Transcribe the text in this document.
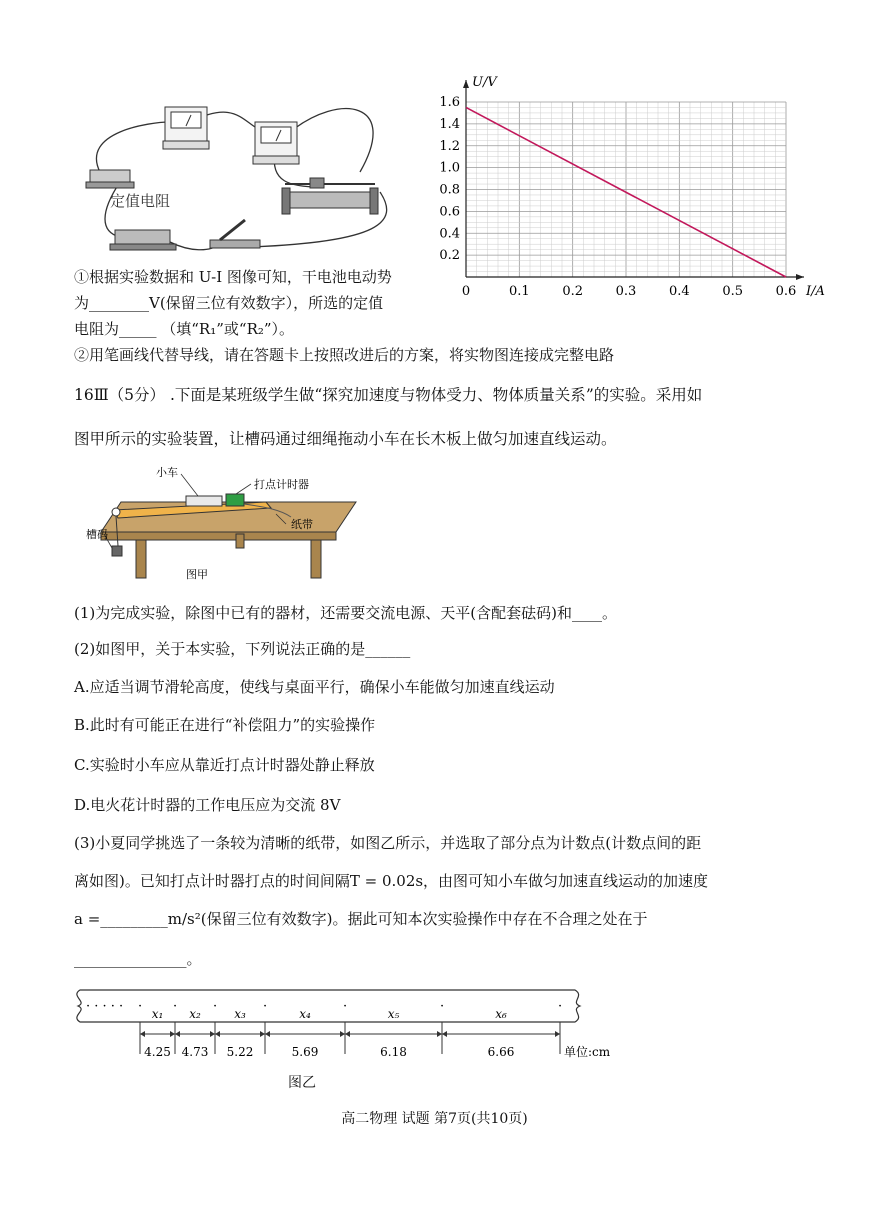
定值电阻
0	0.1	0.2	0.3	0.4	0.5	0.6
0.2
0.4
0.6
0.8
1.0
1.2
1.4
1.6
I/A
U/V
①根据实验数据和 U-I 图像可知，干电池电动势
为________V(保留三位有效数字），所选的定值
电阻为_____ （填“R₁”或“R₂”）。
②用笔画线代替导线，请在答题卡上按照改进后的方案，将实物图连接成完整电路
16Ⅲ（5分） .下面是某班级学生做“探究加速度与物体受力、物体质量关系”的实验。采用如
图甲所示的实验装置，让槽码通过细绳拖动小车在长木板上做匀加速直线运动。
小车
打点计时器
纸带
槽码
图甲
(1)为完成实验，除图中已有的器材，还需要交流电源、天平(含配套砝码)和____。
(2)如图甲，关于本实验，下列说法正确的是______
A.应适当调节滑轮高度，使线与桌面平行，确保小车能做匀加速直线运动
B.此时有可能正在进行“补偿阻力”的实验操作
C.实验时小车应从靠近打点计时器处静止释放
D.电火花计时器的工作电压应为交流 8V
(3)小夏同学挑选了一条较为清晰的纸带，如图乙所示，并选取了部分点为计数点(计数点间的距
离如图)。已知打点计时器打点的时间间隔T = 0.02s，由图可知小车做匀加速直线运动的加速度
a =_________m/s²(保留三位有效数字)。据此可知本次实验操作中存在不合理之处在于
_______________。
· · · · · · ·	·	·	·	·	·
x₁
4.25
x₂
4.73
x₃
5.22
x₄
5.69
x₅
6.18
x₆
6.66	单位:cm
图乙
高二物理 试题 第7页(共10页)
